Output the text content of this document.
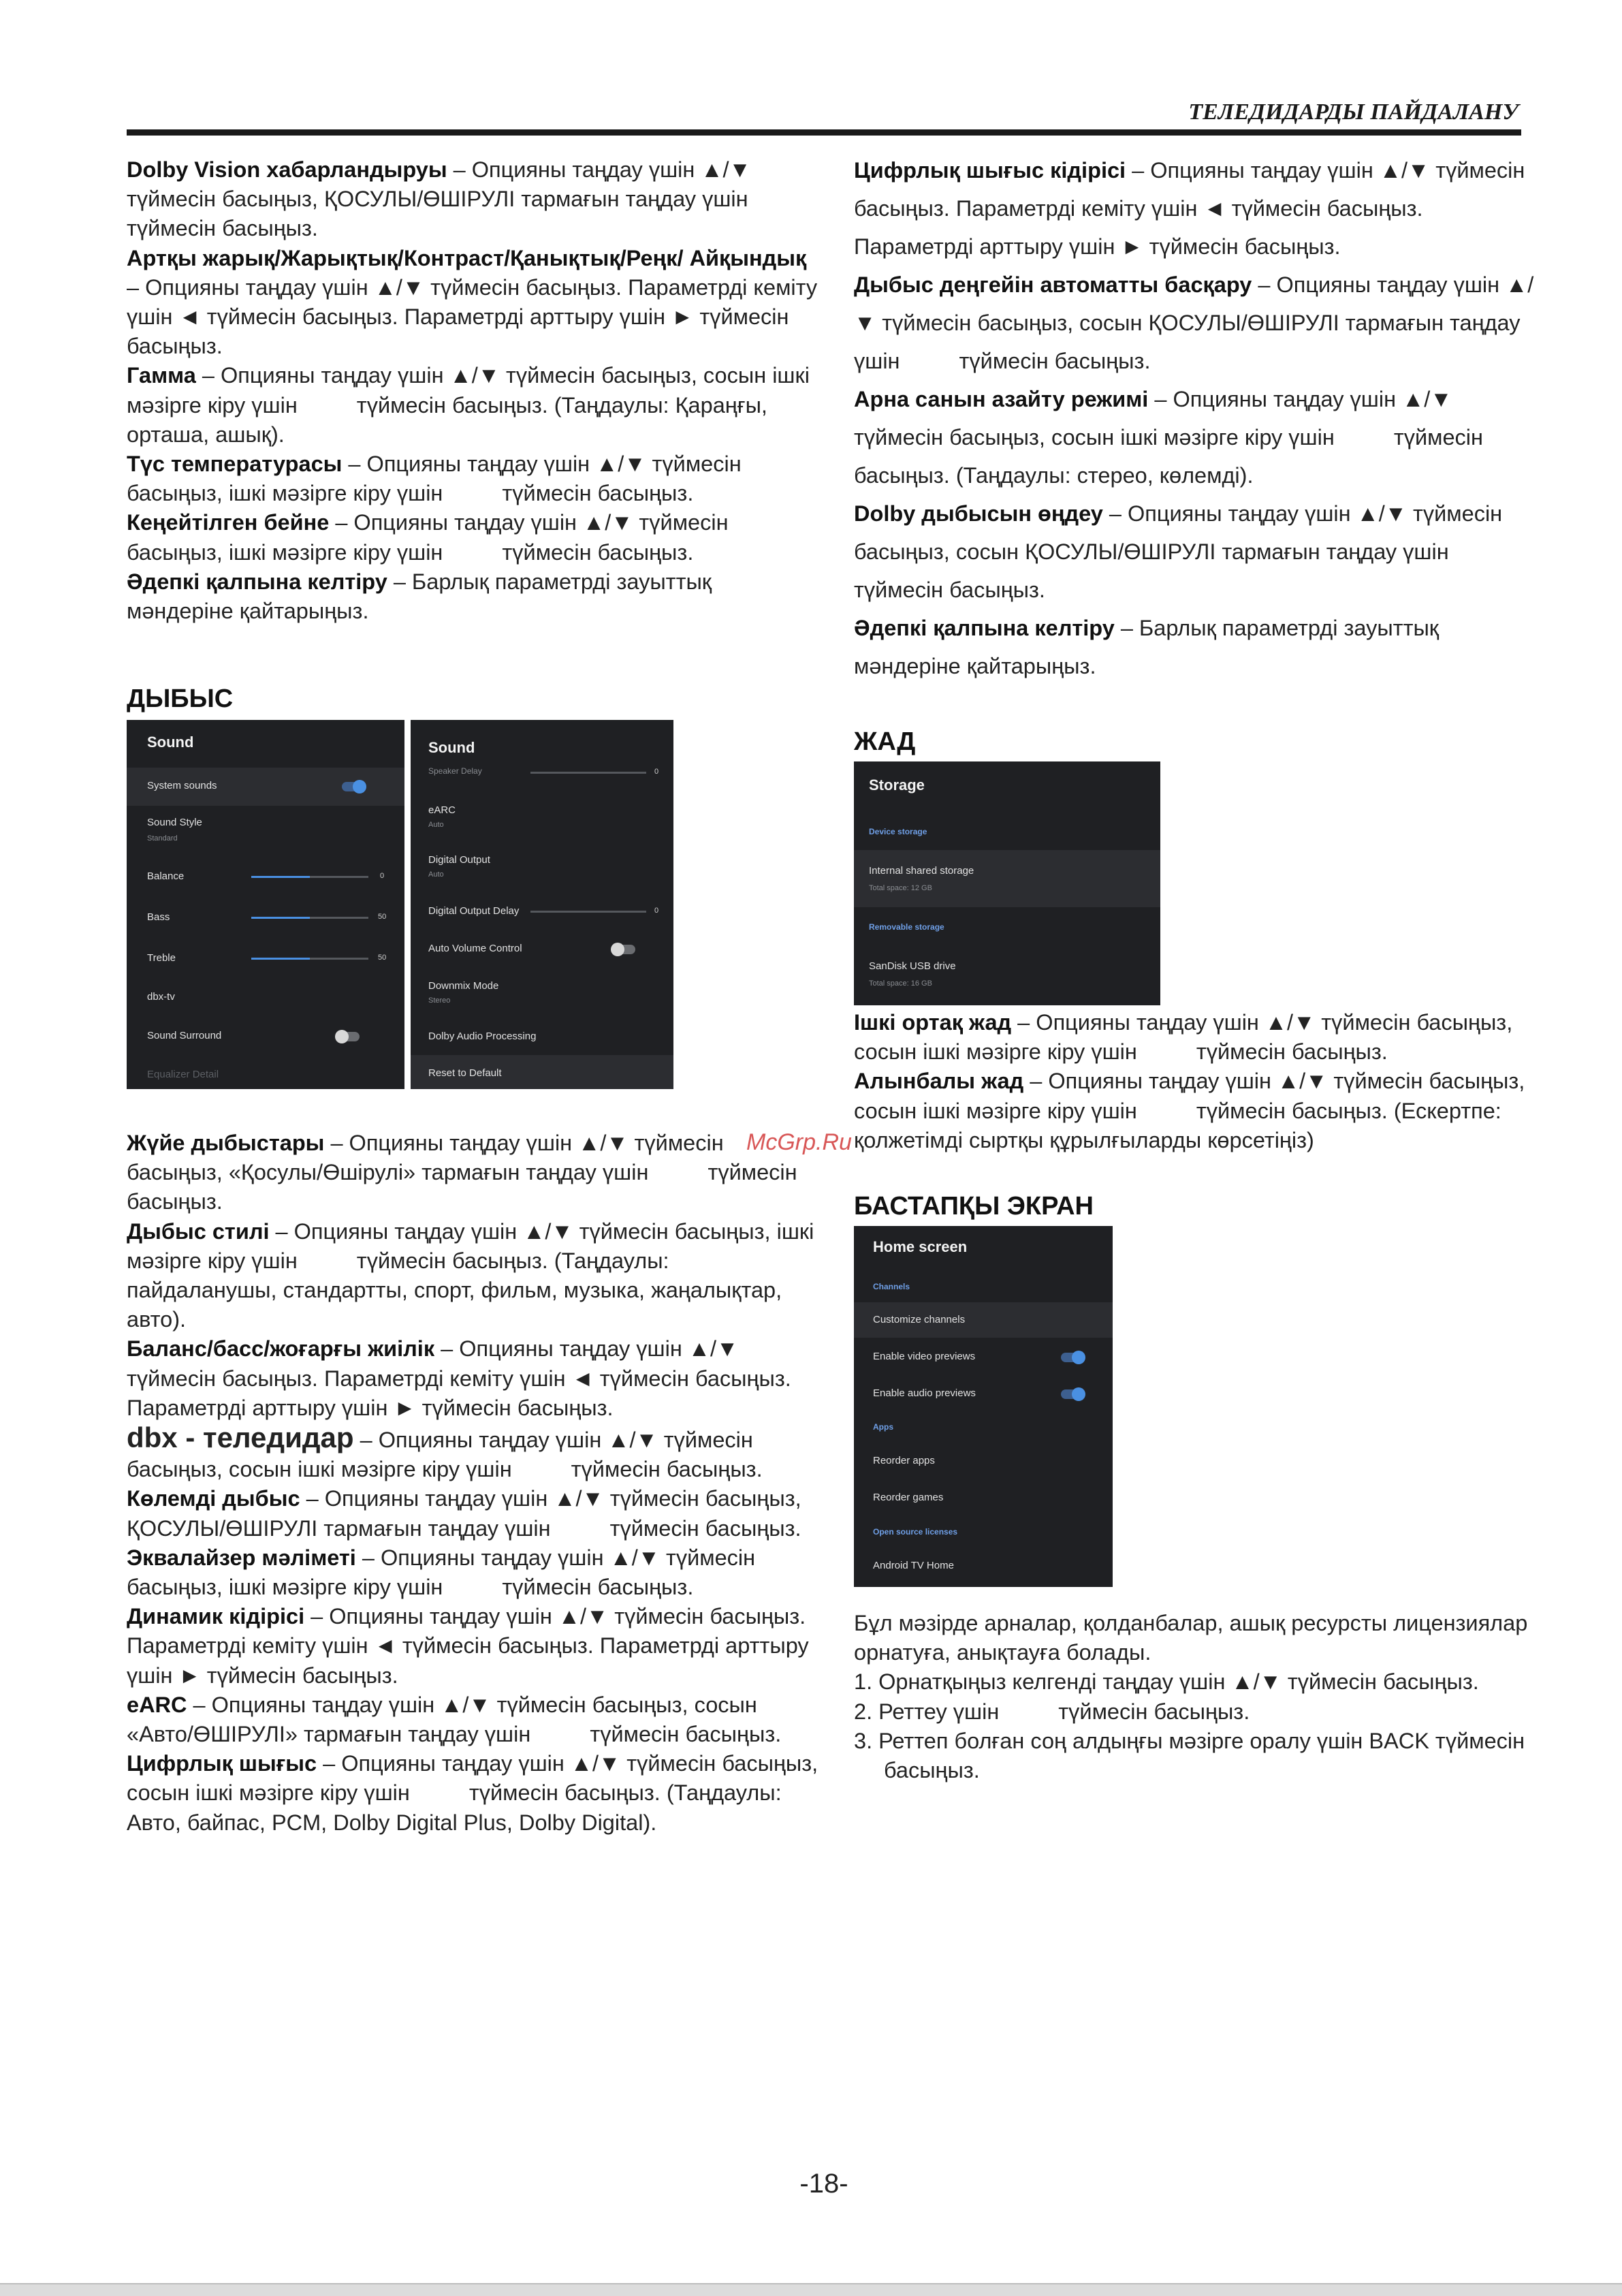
ТЕЛЕДИДАРДЫ ПАЙДАЛАНУ

Dolby Vision хабарландыруы – Опцияны таңдау үшін ▲/▼ түймесін басыңыз, ҚОСУЛЫ/ӨШІРУЛІ тармағын таңдау үшін түймесін басыңыз.

Артқы жарық/Жарықтық/Контраст/Қанықтық/Реңк/ Айқындық – Опцияны таңдау үшін ▲/▼ түймесін басыңыз. Параметрді кеміту үшін ◄ түймесін басыңыз. Параметрді арттыру үшін ► түймесін басыңыз.

Гамма – Опцияны таңдау үшін ▲/▼ түймесін басыңыз, сосын ішкі мәзірге кіру үшін түймесін басыңыз. (Таңдаулы: Қараңғы, орташа, ашық).

Түс температурасы – Опцияны таңдау үшін ▲/▼ түймесін басыңыз, ішкі мәзірге кіру үшін түймесін басыңыз.

Кеңейтілген бейне – Опцияны таңдау үшін ▲/▼ түймесін басыңыз, ішкі мәзірге кіру үшін түймесін басыңыз.

Әдепкі қалпына келтіру – Барлық параметрді зауыттық мәндеріне қайтарыңыз.

ДЫБЫС
Sound
System sounds
Sound Style
Standard
Balance	0
Bass	50
Treble	50
dbx-tv
Sound Surround
Equalizer Detail
Sound
Speaker Delay	0
eARC
Auto
Digital Output
Auto
Digital Output Delay	0
Auto Volume Control
Downmix Mode
Stereo
Dolby Audio Processing
Reset to Default

Жүйе дыбыстары – Опцияны таңдау үшін ▲/▼ түймесін басыңыз, «Қосулы/Өшірулі» тармағын таңдау үшін түймесін басыңыз.

Дыбыс стилі – Опцияны таңдау үшін ▲/▼ түймесін басыңыз, ішкі мәзірге кіру үшін түймесін басыңыз. (Таңдаулы: пайдаланушы, стандартты, спорт, фильм, музыка, жаңалықтар, авто).

Баланс/басс/жоғарғы жиілік – Опцияны таңдау үшін ▲/▼ түймесін басыңыз. Параметрді кеміту үшін ◄ түймесін басыңыз. Параметрді арттыру үшін ► түймесін басыңыз.

dbx - теледидар – Опцияны таңдау үшін ▲/▼ түймесін басыңыз, сосын ішкі мәзірге кіру үшін түймесін басыңыз.

Көлемді дыбыс – Опцияны таңдау үшін ▲/▼ түймесін басыңыз, ҚОСУЛЫ/ӨШІРУЛІ тармағын таңдау үшін түймесін басыңыз.

Эквалайзер мәліметі – Опцияны таңдау үшін ▲/▼ түймесін басыңыз, ішкі мәзірге кіру үшін түймесін басыңыз.

Динамик кідірісі – Опцияны таңдау үшін ▲/▼ түймесін басыңыз. Параметрді кеміту үшін ◄ түймесін басыңыз. Параметрді арттыру үшін ► түймесін басыңыз.

eARC – Опцияны таңдау үшін ▲/▼ түймесін басыңыз, сосын «Авто/ӨШІРУЛІ» тармағын таңдау үшін түймесін басыңыз.

Цифрлық шығыс – Опцияны таңдау үшін ▲/▼ түймесін басыңыз, сосын ішкі мәзірге кіру үшін түймесін басыңыз. (Таңдаулы: Авто, байпас, PCM, Dolby Digital Plus, Dolby Digital).

Цифрлық шығыс кідірісі – Опцияны таңдау үшін ▲/▼ түймесін басыңыз. Параметрді кеміту үшін ◄ түймесін басыңыз. Параметрді арттыру үшін ► түймесін басыңыз.

Дыбыс деңгейін автоматты басқару – Опцияны таңдау үшін ▲/▼ түймесін басыңыз, сосын ҚОСУЛЫ/ӨШІРУЛІ тармағын таңдау үшін түймесін басыңыз.

Арна санын азайту режимі – Опцияны таңдау үшін ▲/▼ түймесін басыңыз, сосын ішкі мәзірге кіру үшін түймесін басыңыз. (Таңдаулы: стерео, көлемді).

Dolby дыбысын өңдеу – Опцияны таңдау үшін ▲/▼ түймесін басыңыз, сосын ҚОСУЛЫ/ӨШІРУЛІ тармағын таңдау үшін түймесін басыңыз.

Әдепкі қалпына келтіру – Барлық параметрді зауыттық мәндеріне қайтарыңыз.

ЖАД
Storage
Device storage
Internal shared storage
Total space: 12 GB
Removable storage
SanDisk USB drive
Total space: 16 GB

Ішкі ортақ жад – Опцияны таңдау үшін ▲/▼ түймесін басыңыз, сосын ішкі мәзірге кіру үшін түймесін басыңыз.

Алынбалы жад – Опцияны таңдау үшін ▲/▼ түймесін басыңыз, сосын ішкі мәзірге кіру үшін түймесін басыңыз. (Ескертпе: қолжетімді сыртқы құрылғыларды көрсетіңіз)

БАСТАПҚЫ ЭКРАН
Home screen
Channels
Customize channels
Enable video previews
Enable audio previews
Apps
Reorder apps
Reorder games
Open source licenses
Android TV Home

Бұл мәзірде арналар, қолданбалар, ашық ресурсты лицензиялар орнатуға, анықтауға болады.

1. Орнатқыңыз келгенді таңдау үшін ▲/▼ түймесін басыңыз.

2. Реттеу үшін түймесін басыңыз.

3. Реттеп болған соң алдыңғы мәзірге оралу үшін BACK түймесін басыңыз.

McGrp.Ru
-18-
